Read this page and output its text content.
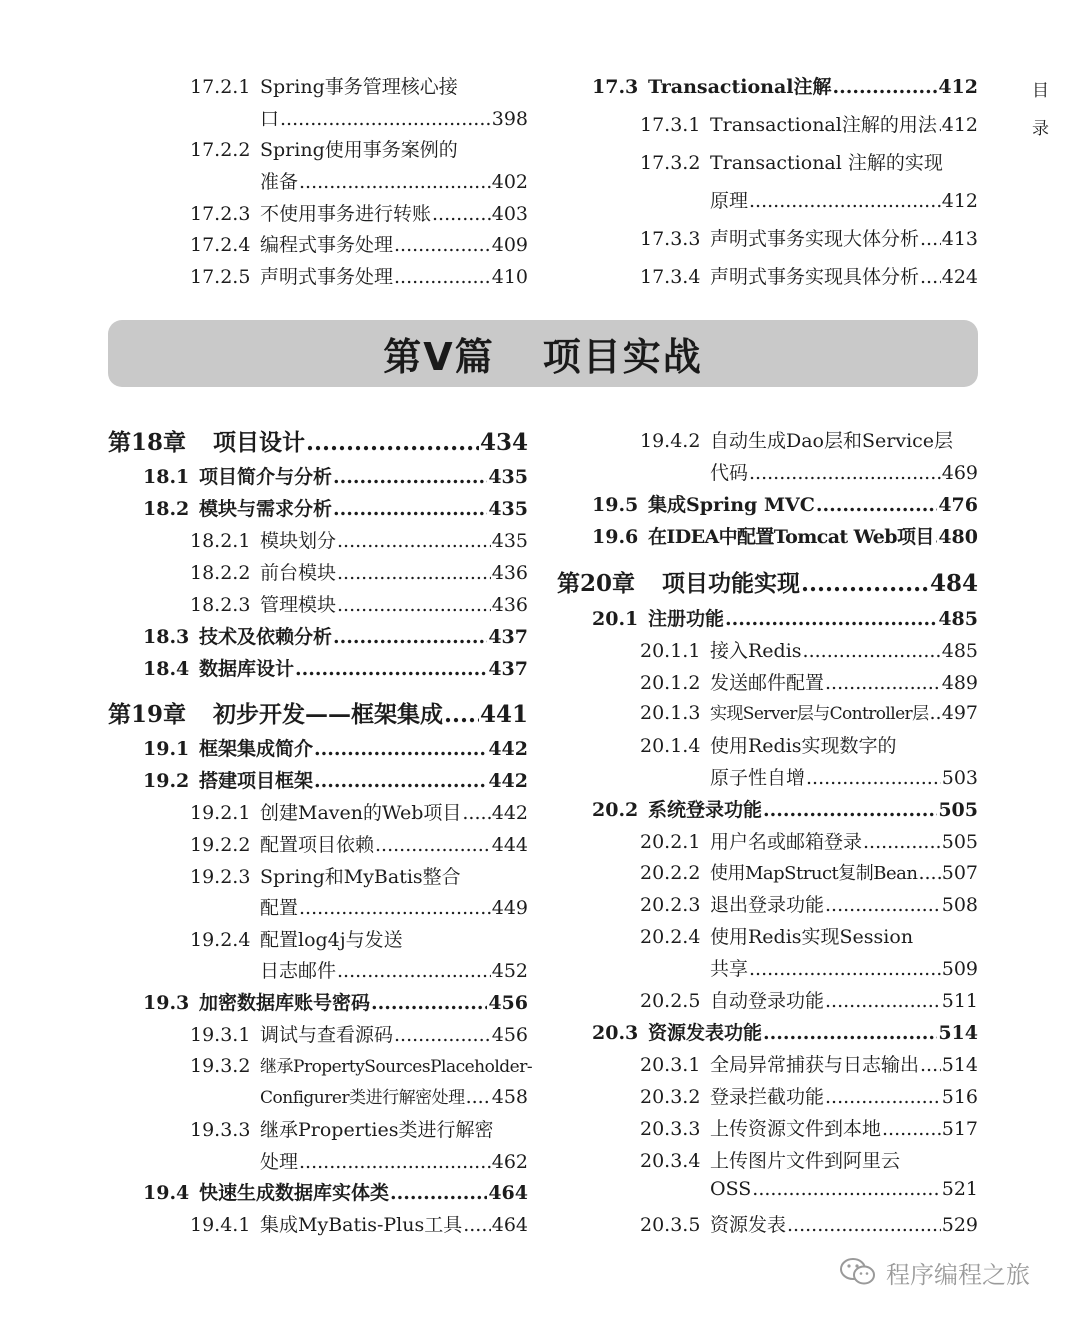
17.2.1 Spring事务管理核心接
口 .....	398
17.2.2 Spring使用事务案例的
准备 .....	402
17.2.3 不使用事务进行转账 .....	403
17.2.4 编程式事务处理 .....	409
17.2.5 声明式事务处理 .....	410
17.3 Transactional注解 .....	412
17.3.1 Transactional注解的用法 ..... 412
17.3.2 Transactional 注解的实现
原理 .....	412
17.3.3 声明式事务实现大体分析 ..... 413
17.3.4 声明式事务实现具体分析 ..... 424
目
录
第Ⅴ篇 项目实战
第18章	项目设计 .....	434
18.1 项目简介与分析 .....	435
18.2 模块与需求分析 .....	435
18.2.1 模块划分 .....	435
18.2.2 前台模块 .....	436
18.2.3 管理模块 .....	436
18.3 技术及依赖分析 .....	437
18.4 数据库设计 .....	437
第19章	初步开发——框架集成 ..... 441
19.1 框架集成简介 .....	442
19.2 搭建项目框架 .....	442
19.2.1 创建Maven的Web项目 ..... 442
19.2.2 配置项目依赖 .....	444
19.2.3 Spring和MyBatis整合
配置 .....	449
19.2.4 配置log4j与发送
日志邮件 .....	452
19.3 加密数据库账号密码 .....	456
19.3.1 调试与查看源码 .....	456
19.3.2 继承PropertySourcesPlaceholder-
Configurer类进行解密处理 ..... 458
19.3.3 继承Properties类进行解密
处理 .....	462
19.4 快速生成数据库实体类 .....	464
19.4.1 集成MyBatis-Plus工具 ..... 464
19.4.2 自动生成Dao层和Service层
代码 .....	469
19.5 集成Spring MVC .....	476
19.6 在IDEA中配置Tomcat Web项目 ..... 480
第20章	项目功能实现 .....	484
20.1 注册功能 .....	485
20.1.1 接入Redis .....	485
20.1.2 发送邮件配置 .....	489
20.1.3 实现Server层与Controller层 ..... 497
20.1.4 使用Redis实现数字的
原子性自增 .....	503
20.2 系统登录功能 .....	505
20.2.1 用户名或邮箱登录 .....	505
20.2.2 使用MapStruct复制Bean ..... 507
20.2.3 退出登录功能 .....	508
20.2.4 使用Redis实现Session
共享 .....	509
20.2.5 自动登录功能 .....	511
20.3 资源发表功能 .....	514
20.3.1 全局异常捕获与日志输出 ..... 514
20.3.2 登录拦截功能 .....	516
20.3.3 上传资源文件到本地 .....	517
20.3.4 上传图片文件到阿里云
OSS .....	521
20.3.5 资源发表 .....	529
程序编程之旅
